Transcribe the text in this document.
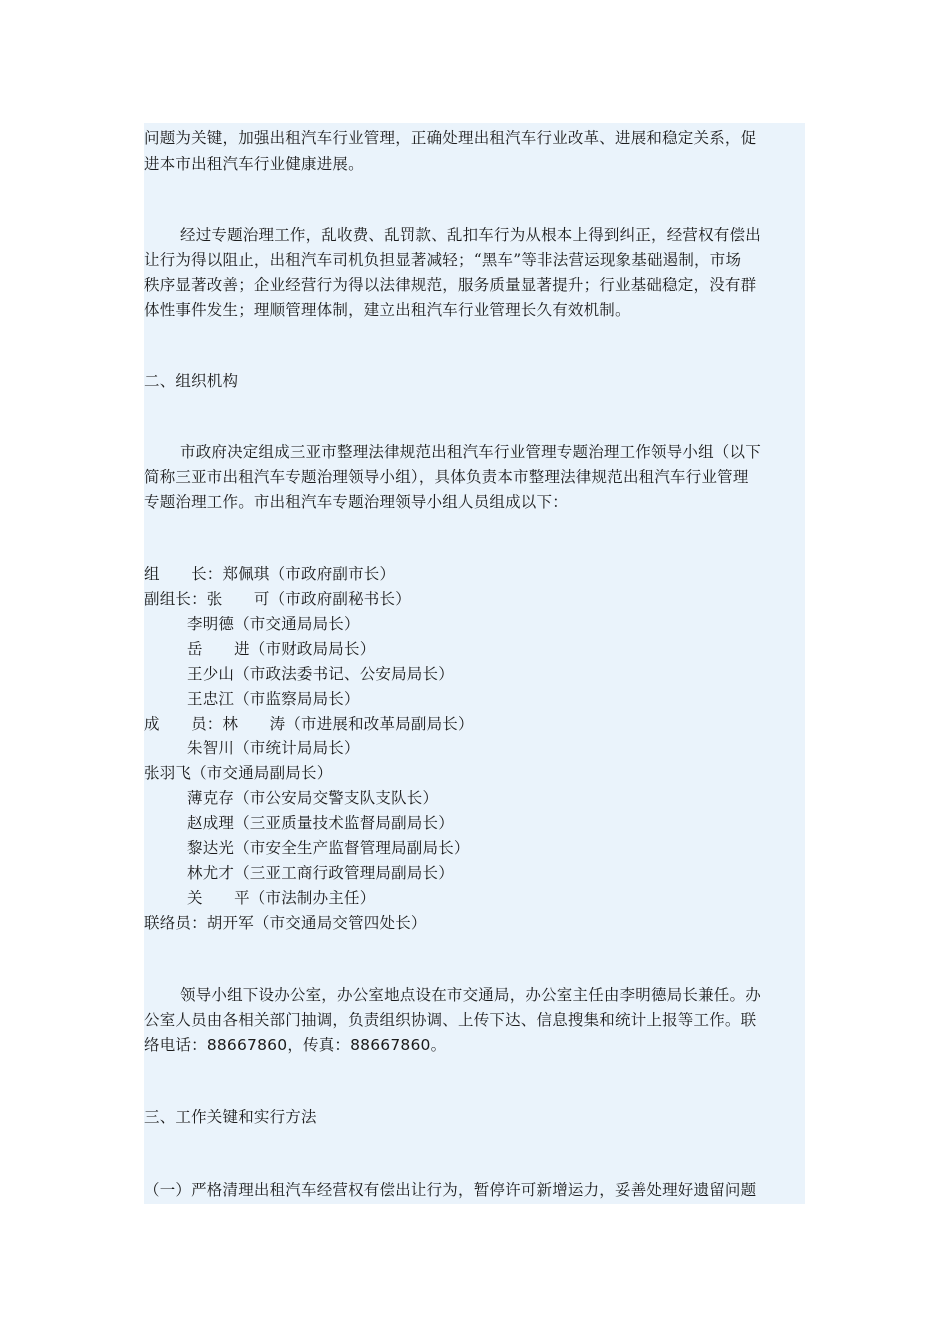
问题为关键，加强出租汽车行业管理，正确处理出租汽车行业改革、进展和稳定关系，促
进本市出租汽车行业健康进展。
经过专题治理工作，乱收费、乱罚款、乱扣车行为从根本上得到纠正，经营权有偿出
让行为得以阻止，出租汽车司机负担显著减轻；“黑车”等非法营运现象基础遏制，市场
秩序显著改善；企业经营行为得以法律规范，服务质量显著提升；行业基础稳定，没有群
体性事件发生；理顺管理体制，建立出租汽车行业管理长久有效机制。
二、组织机构
市政府决定组成三亚市整理法律规范出租汽车行业管理专题治理工作领导小组（以下
简称三亚市出租汽车专题治理领导小组），具体负责本市整理法律规范出租汽车行业管理
专题治理工作。市出租汽车专题治理领导小组人员组成以下：
组　　长：郑佩琪（市政府副市长）
副组长：张　　可（市政府副秘书长）
李明德（市交通局局长）
岳　　进（市财政局局长）
王少山（市政法委书记、公安局局长）
王忠江（市监察局局长）
成　　员：林　　涛（市进展和改革局副局长）
朱智川（市统计局局长）
张羽飞（市交通局副局长）
薄克存（市公安局交警支队支队长）
赵成理（三亚质量技术监督局副局长）
黎达光（市安全生产监督管理局副局长）
林尤才（三亚工商行政管理局副局长）
关　　平（市法制办主任）
联络员：胡开军（市交通局交管四处长）
领导小组下设办公室，办公室地点设在市交通局，办公室主任由李明德局长兼任。办
公室人员由各相关部门抽调，负责组织协调、上传下达、信息搜集和统计上报等工作。联
络电话：88667860，传真：88667860。
三、工作关键和实行方法
（一）严格清理出租汽车经营权有偿出让行为，暂停许可新增运力，妥善处理好遗留问题
